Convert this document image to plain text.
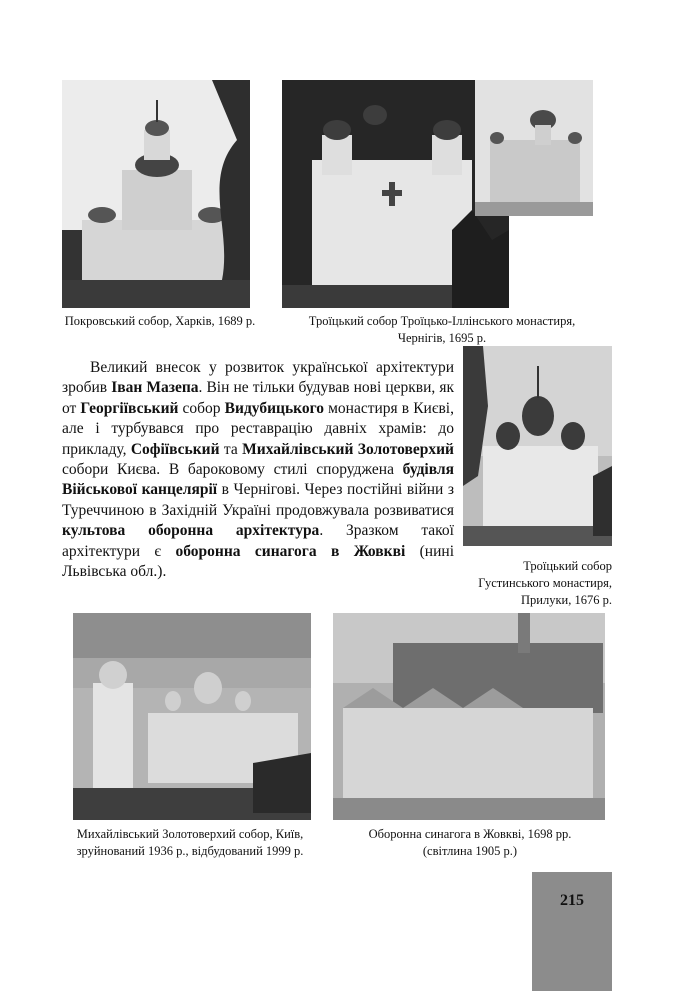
Покровський собор, Харків, 1689 р.	Троїцький собор Троїцько-Іллінського монастиря,
Чернігів, 1695 р.

Великий внесок у розвиток української архітектури зробив Іван Мазепа. Він не тільки будував нові церкви, як от Георгіївський собор Видубицького монастиря в Києві, але і турбувався про реставрацію давніх храмів: до прикладу, Софіївський та Михайлівський Золотоверхий собори Києва. В бароковому стилі споруджена будівля Військової канцелярії в Чернігові. Через постійні війни з Туреччиною в Західній Україні продовжувала розвиватися культова оборонна архітектура. Зразком такої архітектури є оборонна синагога в Жовкві (нині Львівська обл.).	Троїцький собор
Густинського монастиря,
Прилуки, 1676 р.
Михайлівський Золотоверхий собор, Київ,
зруйнований 1936 р., відбудований 1999 р.
Оборонна синагога в Жовкві, 1698 рр.
(світлина 1905 р.)
215
